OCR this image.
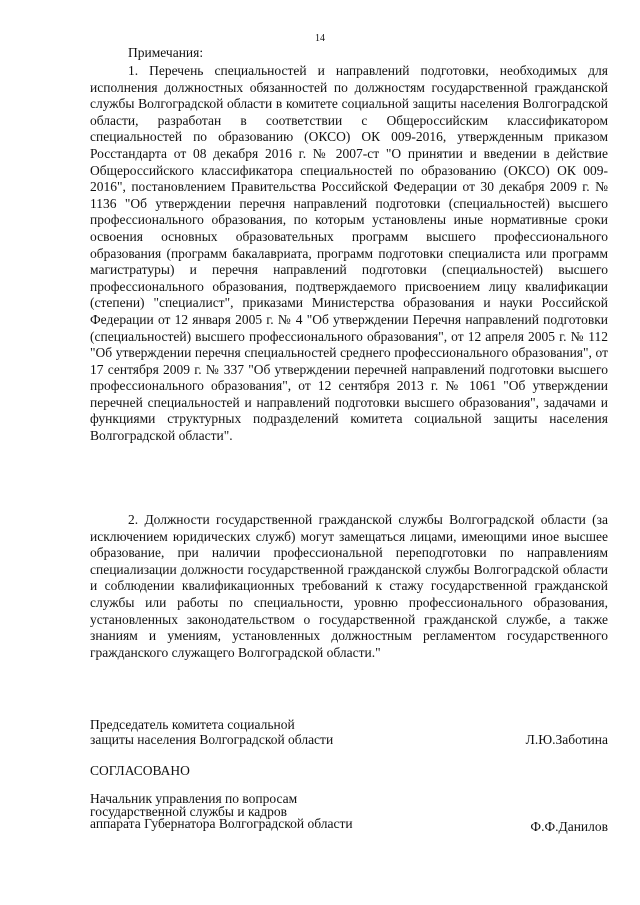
14
Примечания:

1. Перечень специальностей и направлений подготовки, необходимых для исполнения должностных обязанностей по должностям государственной гражданской службы Волгоградской области в комитете социальной защиты населения Волгоградской области, разработан в соответствии с Общероссийским классификатором специальностей по образованию (ОКСО) ОК 009-2016, утвержденным приказом Росстандарта от 08 декабря 2016 г. № 2007-ст "О принятии и введении в действие Общероссийского классификатора специальностей по образованию (ОКСО) ОК 009-2016", постановлением Правительства Российской Федерации от 30 декабря 2009 г. № 1136 "Об утверждении перечня направлений подготовки (специальностей) высшего профессионального образования, по которым установлены иные нормативные сроки освоения основных образовательных программ высшего профессионального образования (программ бакалавриата, программ подготовки специалиста или программ магистратуры) и перечня направлений подготовки (специальностей) высшего профессионального образования, подтверждаемого присвоением лицу квалификации (степени) "специалист", приказами Министерства образования и науки Российской Федерации от 12 января 2005 г. № 4 "Об утверждении Перечня направлений подготовки (специальностей) высшего профессионального образования", от 12 апреля 2005 г. № 112 "Об утверждении перечня специальностей среднего профессионального образования", от 17 сентября 2009 г. № 337 "Об утверждении перечней направлений подготовки высшего профессионального образования", от 12 сентября 2013 г. № 1061 "Об утверждении перечней специальностей и направлений подготовки высшего образования", задачами и функциями структурных подразделений комитета социальной защиты населения Волгоградской области".

2. Должности государственной гражданской службы Волгоградской области (за исключением юридических служб) могут замещаться лицами, имеющими иное высшее образование, при наличии профессиональной переподготовки по направлениям специализации должности государственной гражданской службы Волгоградской области и соблюдении квалификационных требований к стажу государственной гражданской службы или работы по специальности, уровню профессионального образования, установленных законодательством о государственной гражданской службе, а также знаниям и умениям, установленных должностным регламентом государственного гражданского служащего Волгоградской области."

Председатель комитета социальной
защиты населения Волгоградской области	Л.Ю.Заботина
СОГЛАСОВАНО
Начальник управления по вопросам
государственной службы и кадров
аппарата Губернатора Волгоградской области	Ф.Ф.Данилов
